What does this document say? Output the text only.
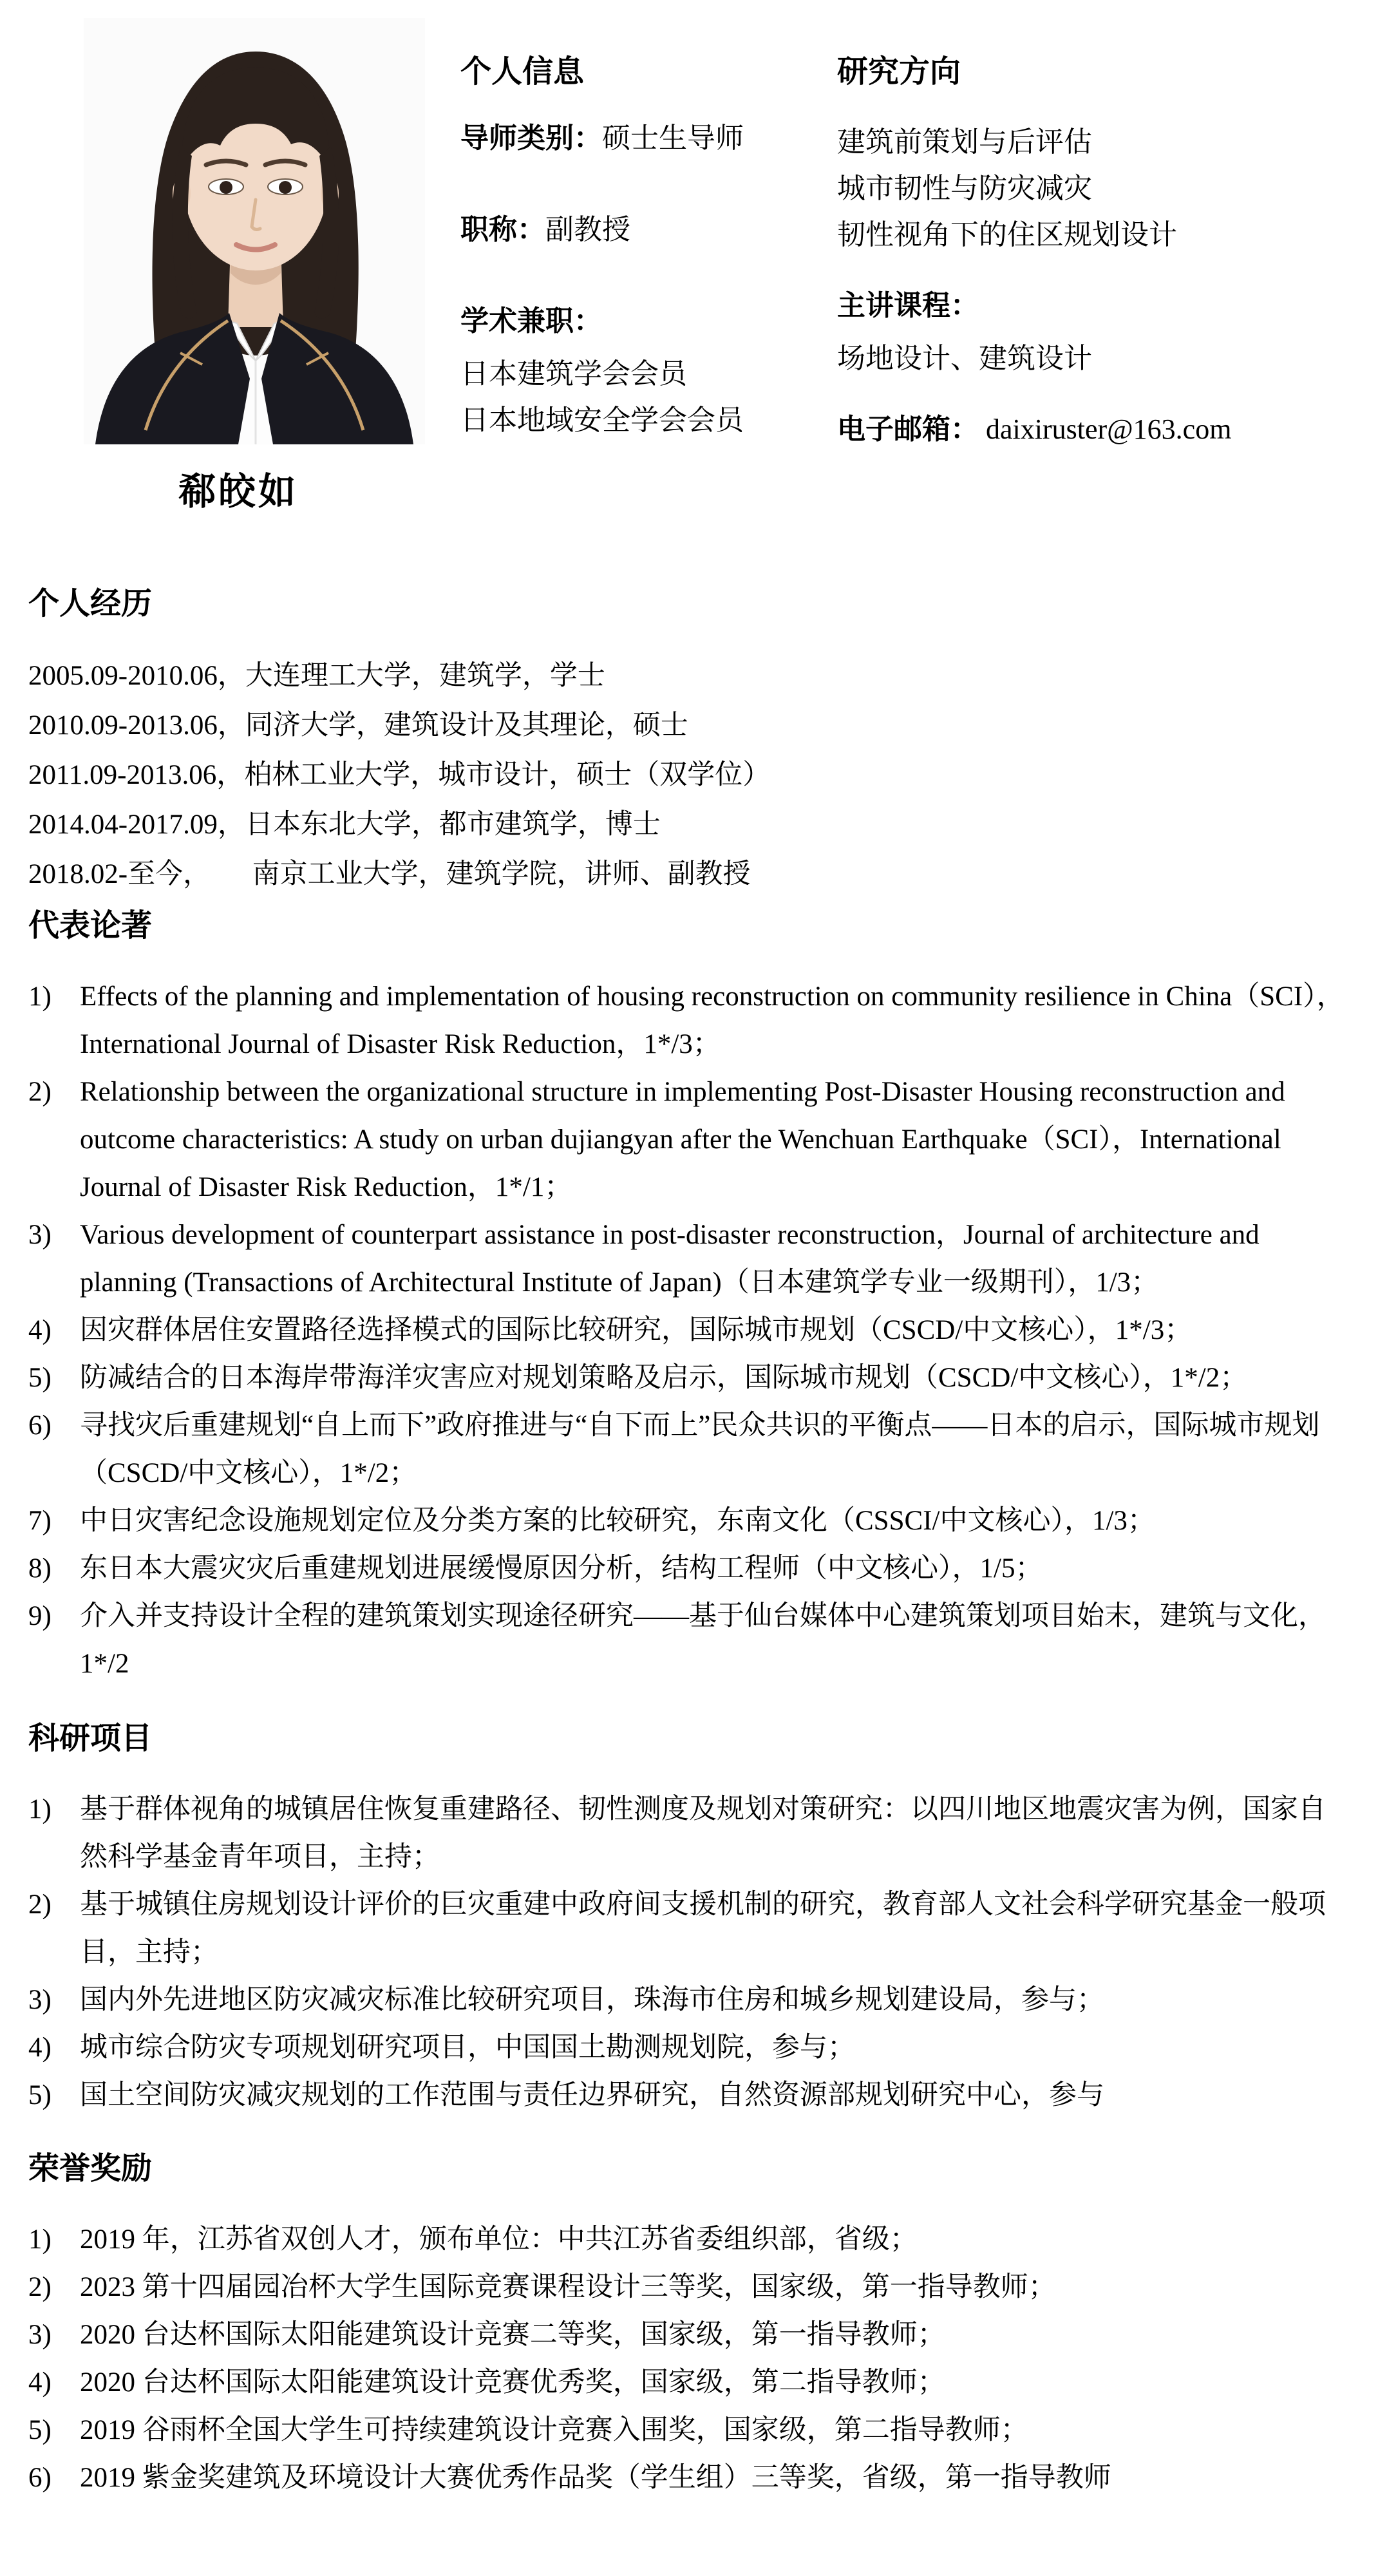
郗皎如
个人信息
导师类别：硕士生导师
职称：副教授
学术兼职：
日本建筑学会会员
日本地域安全学会会员
研究方向
建筑前策划与后评估
城市韧性与防灾减灾
韧性视角下的住区规划设计
主讲课程：
场地设计、建筑设计
电子邮箱： daixiruster@163.com
个人经历
2005.09-2010.06，大连理工大学，建筑学，学士
2010.09-2013.06，同济大学，建筑设计及其理论，硕士
2011.09-2013.06，柏林工业大学，城市设计，硕士（双学位）
2014.04-2017.09，日本东北大学，都市建筑学，博士
2018.02-至今，　　南京工业大学，建筑学院，讲师、副教授
代表论著
1)	Effects of the planning and implementation of housing reconstruction on community resilience in China（SCI），International Journal of Disaster Risk Reduction，1*/3；
2)	Relationship between the organizational structure in implementing Post-Disaster Housing reconstruction and outcome characteristics: A study on urban dujiangyan after the Wenchuan Earthquake（SCI），International Journal of Disaster Risk Reduction，1*/1；
3)	Various development of counterpart assistance in post-disaster reconstruction，Journal of architecture and planning (Transactions of Architectural Institute of Japan)（日本建筑学专业一级期刊），1/3；
4)	因灾群体居住安置路径选择模式的国际比较研究，国际城市规划（CSCD/中文核心），1*/3；
5)	防减结合的日本海岸带海洋灾害应对规划策略及启示，国际城市规划（CSCD/中文核心），1*/2；
6)	寻找灾后重建规划“自上而下”政府推进与“自下而上”民众共识的平衡点——日本的启示，国际城市规划（CSCD/中文核心），1*/2；
7)	中日灾害纪念设施规划定位及分类方案的比较研究，东南文化（CSSCI/中文核心），1/3；
8)	东日本大震灾灾后重建规划进展缓慢原因分析，结构工程师（中文核心），1/5；
9)	介入并支持设计全程的建筑策划实现途径研究——基于仙台媒体中心建筑策划项目始末，建筑与文化，1*/2
科研项目
1)	基于群体视角的城镇居住恢复重建路径、韧性测度及规划对策研究：以四川地区地震灾害为例，国家自然科学基金青年项目，主持；
2)	基于城镇住房规划设计评价的巨灾重建中政府间支援机制的研究，教育部人文社会科学研究基金一般项目，主持；
3)	国内外先进地区防灾减灾标准比较研究项目，珠海市住房和城乡规划建设局，参与；
4)	城市综合防灾专项规划研究项目，中国国土勘测规划院，参与；
5)	国土空间防灾减灾规划的工作范围与责任边界研究，自然资源部规划研究中心，参与
荣誉奖励
1)	2019 年，江苏省双创人才，颁布单位：中共江苏省委组织部，省级；
2)	2023 第十四届园冶杯大学生国际竞赛课程设计三等奖，国家级，第一指导教师；
3)	2020 台达杯国际太阳能建筑设计竞赛二等奖，国家级，第一指导教师；
4)	2020 台达杯国际太阳能建筑设计竞赛优秀奖，国家级，第二指导教师；
5)	2019 谷雨杯全国大学生可持续建筑设计竞赛入围奖，国家级，第二指导教师；
6)	2019 紫金奖建筑及环境设计大赛优秀作品奖（学生组）三等奖，省级，第一指导教师
